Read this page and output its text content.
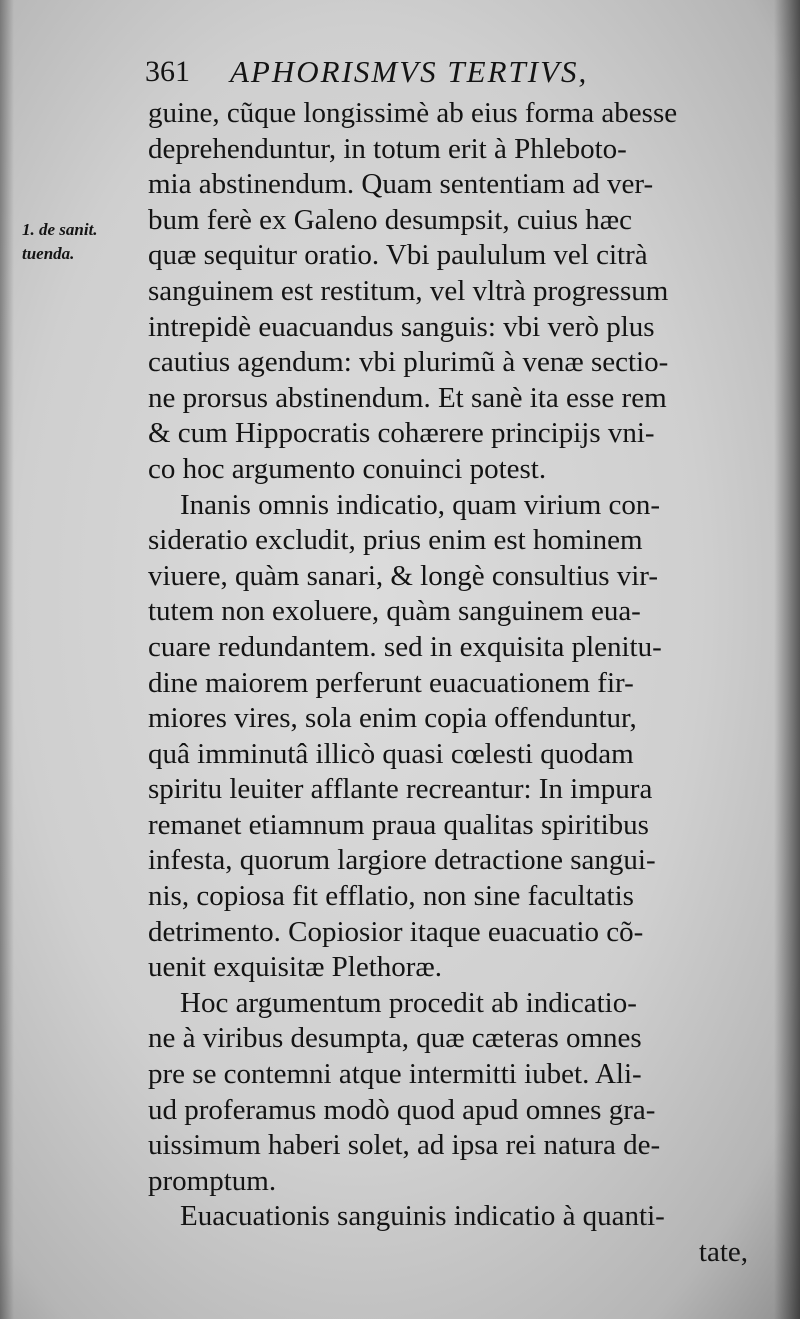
361 APHORISMVS TERTIVS,
1. de sanit.
tuenda.
guine, cũque longissimè ab eius forma abesse
deprehenduntur, in totum erit à Phleboto-
mia abstinendum. Quam sententiam ad ver-
bum ferè ex Galeno desumpsit, cuius hæc
quæ sequitur oratio. Vbi paululum vel citrà
sanguinem est restitum, vel vltrà progressum
intrepidè euacuandus sanguis: vbi verò plus
cautius agendum: vbi plurimũ à venæ sectio-
ne prorsus abstinendum. Et sanè ita esse rem
& cum Hippocratis cohærere principijs vni-
co hoc argumento conuinci potest.
Inanis omnis indicatio, quam virium con-
sideratio excludit, prius enim est hominem
viuere, quàm sanari, & longè consultius vir-
tutem non exoluere, quàm sanguinem eua-
cuare redundantem. sed in exquisita plenitu-
dine maiorem perferunt euacuationem fir-
miores vires, sola enim copia offenduntur,
quâ imminutâ illicò quasi cœlesti quodam
spiritu leuiter afflante recreantur: In impura
remanet etiamnum praua qualitas spiritibus
infesta, quorum largiore detractione sangui-
nis, copiosa fit efflatio, non sine facultatis
detrimento. Copiosior itaque euacuatio cõ-
uenit exquisitæ Plethoræ.
Hoc argumentum procedit ab indicatio-
ne à viribus desumpta, quæ cæteras omnes
pre se contemni atque intermitti iubet. Ali-
ud proferamus modò quod apud omnes gra-
uissimum haberi solet, ad ipsa rei natura de-
promptum.
Euacuationis sanguinis indicatio à quanti-
tate,
